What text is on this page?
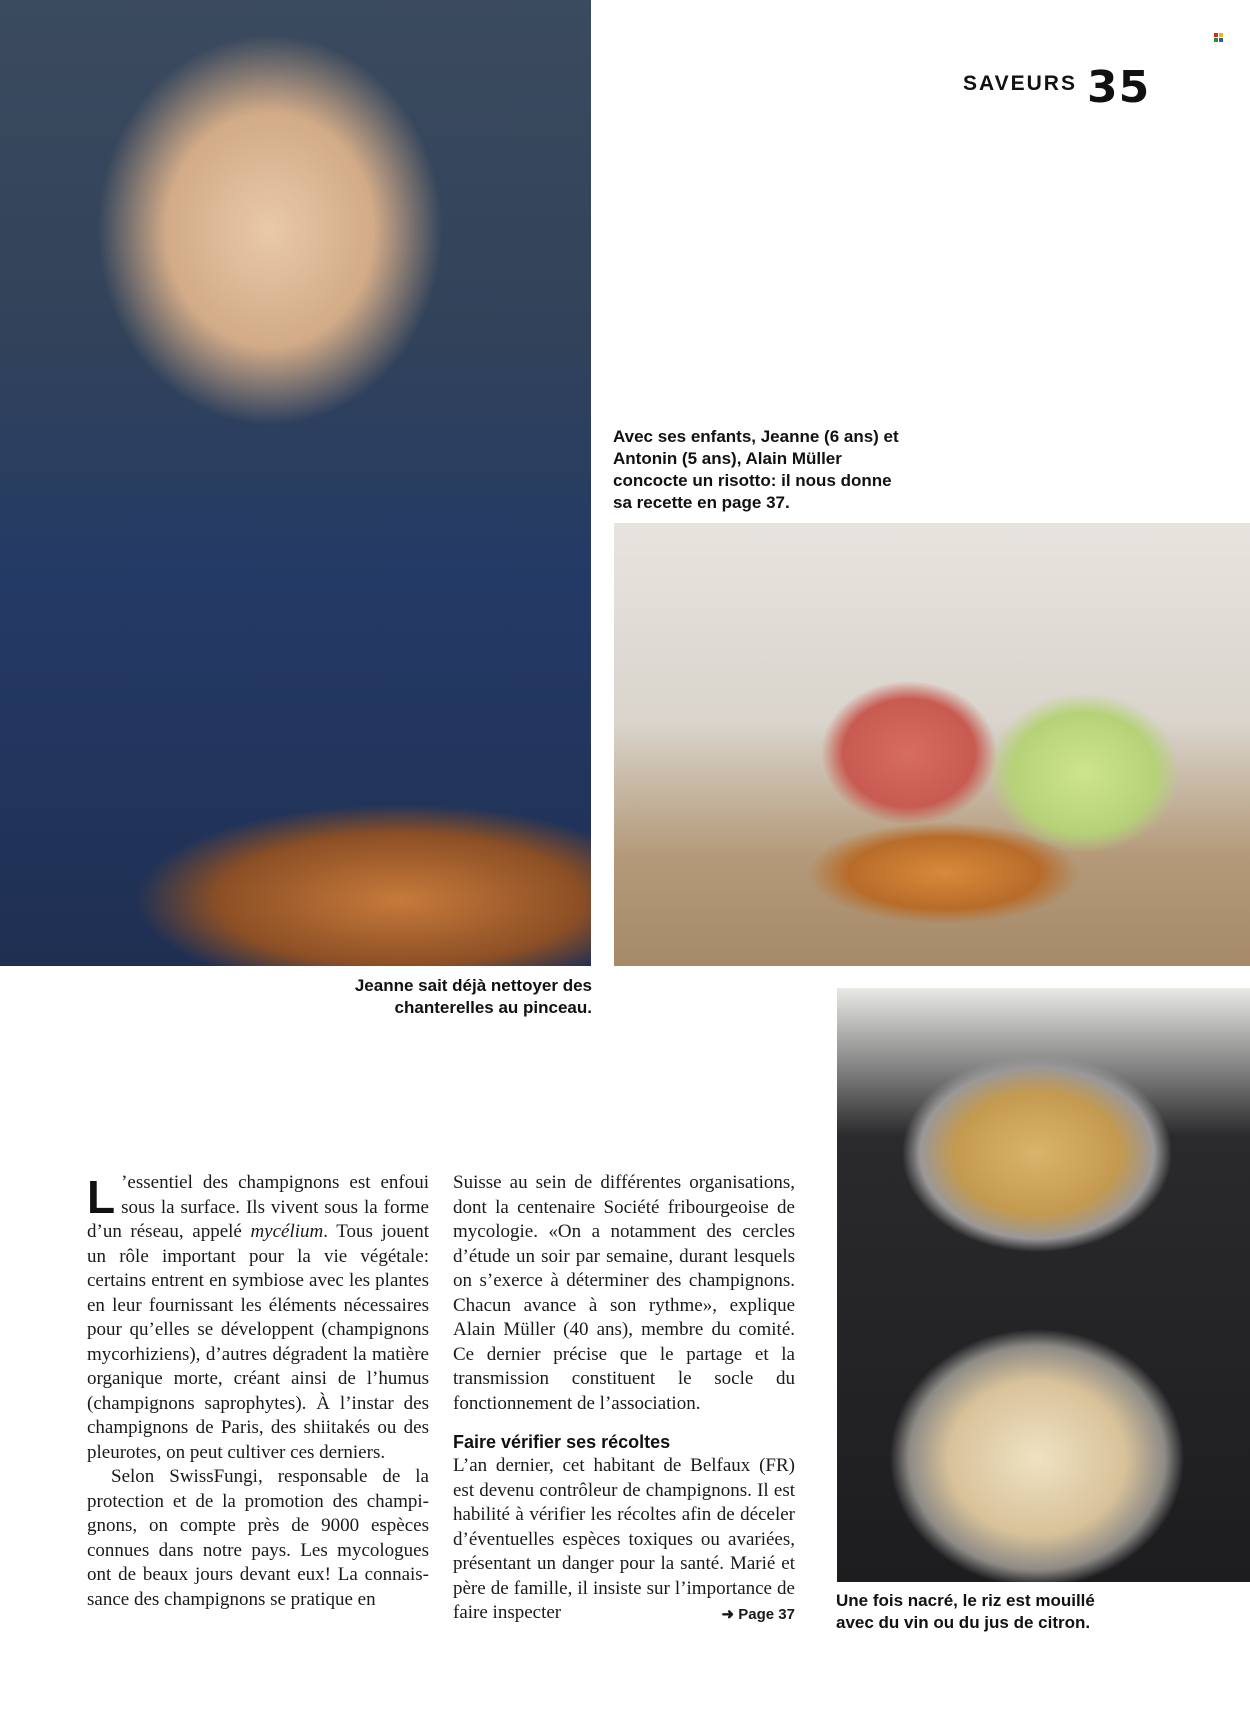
SAVEURS 35
Avec ses enfants, Jeanne (6 ans) et Antonin (5 ans), Alain Müller concocte un risotto: il nous donne sa recette en page 37.
Jeanne sait déjà nettoyer des chanterelles au pinceau.
Une fois nacré, le riz est mouillé avec du vin ou du jus de citron.

L ’essentiel des champignons est enfoui sous la surface. Ils vivent sous la forme d’un réseau, appelé mycélium. Tous jouent un rôle important pour la vie végétale: certains entrent en symbiose avec les plantes en leur fournissant les éléments nécessaires pour qu’elles se développent (champignons mycorhiziens), d’autres dégradent la matière organique morte, créant ainsi de l’humus (champignons saprophytes). À l’instar des champignons de Paris, des shiitakés ou des pleurotes, on peut cultiver ces derniers.

Selon SwissFungi, responsable de la protection et de la promotion des champignons, on compte près de 9000 espèces connues dans notre pays. Les mycologues ont de beaux jours devant eux! La connaissance des champignons se pratique en

Suisse au sein de différentes organisations, dont la centenaire Société fribourgeoise de mycologie. «On a notamment des cercles d’étude un soir par semaine, durant lesquels on s’exerce à déterminer des champignons. Chacun avance à son rythme», explique Alain Müller (40 ans), membre du comité. Ce dernier précise que le partage et la transmission constituent le socle du fonctionnement de l’association.

Faire vérifier ses récoltes

L’an dernier, cet habitant de Belfaux (FR) est devenu contrôleur de champignons. Il est habilité à vérifier les récoltes afin de déceler d’éventuelles espèces toxiques ou avariées, présentant un danger pour la santé. Marié et père de famille, il insiste sur l’importance de faire inspecter	➜ Page 37
